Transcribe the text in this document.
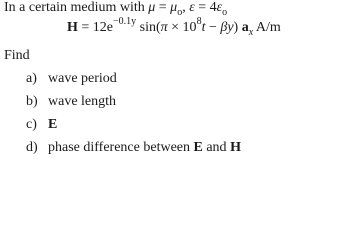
In a certain medium with $\mu = \mu_o$, $\varepsilon = 4\varepsilon_o$
$H = 12e^{-0.1y}$ $\sin(\pi \times 10^8t - \beta y)$ $a_x$ A/m
Find
a) wave period
b) wave length
c) E
d) phase difference between E and H
